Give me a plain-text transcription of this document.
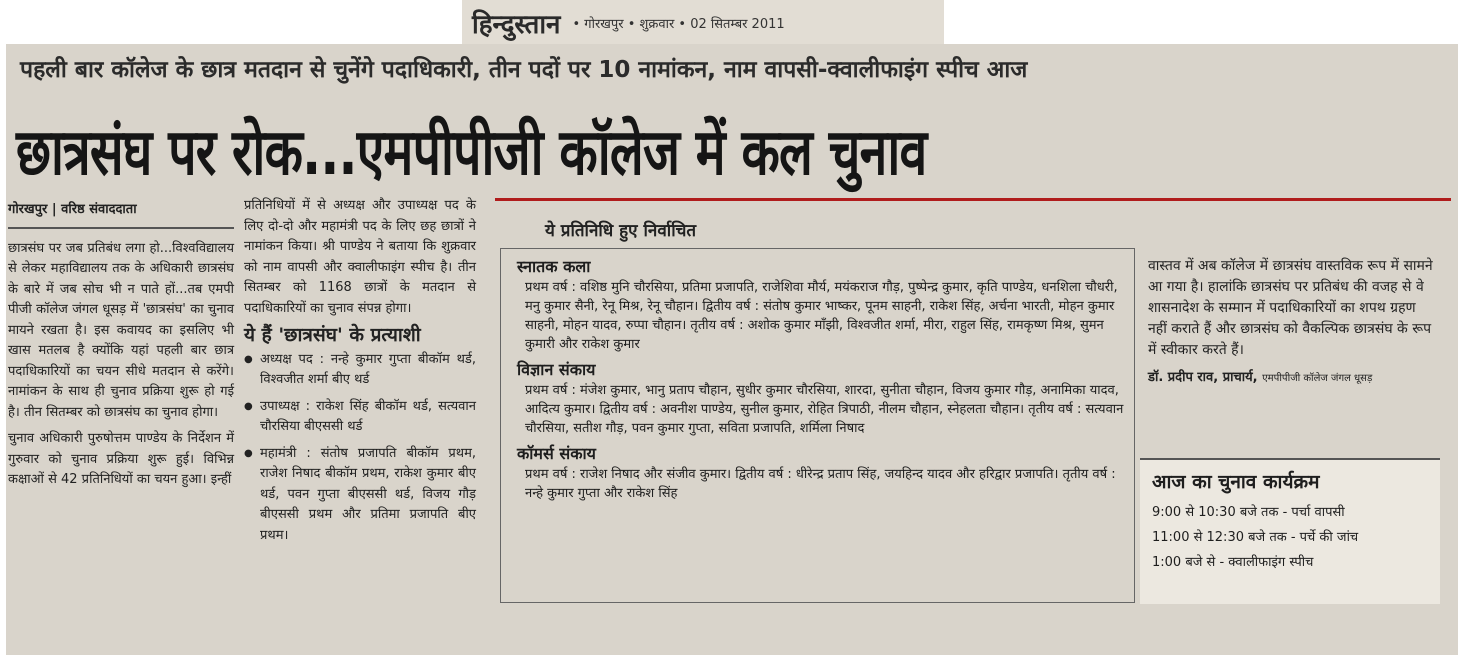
हिन्दुस्तान • गोरखपुर • शुक्रवार • 02 सितम्बर 2011
पहली बार कॉलेज के छात्र मतदान से चुनेंगे पदाधिकारी, तीन पदों पर 10 नामांकन, नाम वापसी-क्वालीफाइंग स्पीच आज
छात्रसंघ पर रोक...एमपीपीजी कॉलेज में कल चुनाव
गोरखपुर | वरिष्ठ संवाददाता

छात्रसंघ पर जब प्रतिबंध लगा हो...विश्वविद्यालय से लेकर महाविद्यालय तक के अधिकारी छात्रसंघ के बारे में जब सोच भी न पाते हों...तब एमपी पीजी कॉलेज जंगल धूसड़ में 'छात्रसंघ' का चुनाव मायने रखता है। इस कवायद का इसलिए भी खास मतलब है क्योंकि यहां पहली बार छात्र पदाधिकारियों का चयन सीधे मतदान से करेंगे। नामांकन के साथ ही चुनाव प्रक्रिया शुरू हो गई है। तीन सितम्बर को छात्रसंघ का चुनाव होगा।

चुनाव अधिकारी पुरुषोत्तम पाण्डेय के निर्देशन में गुरुवार को चुनाव प्रक्रिया शुरू हुई। विभिन्न कक्षाओं से 42 प्रतिनिधियों का चयन हुआ। इन्हीं

प्रतिनिधियों में से अध्यक्ष और उपाध्यक्ष पद के लिए दो-दो और महामंत्री पद के लिए छह छात्रों ने नामांकन किया। श्री पाण्डेय ने बताया कि शुक्रवार को नाम वापसी और क्वालीफाइंग स्पीच है। तीन सितम्बर को 1168 छात्रों के मतदान से पदाधिकारियों का चुनाव संपन्न होगा।

ये हैं 'छात्रसंघ' के प्रत्याशी
● अध्यक्ष पद : नन्हे कुमार गुप्ता बीकॉम थर्ड, विश्वजीत शर्मा बीए थर्ड
● उपाध्यक्ष : राकेश सिंह बीकॉम थर्ड, सत्यवान चौरसिया बीएससी थर्ड
● महामंत्री : संतोष प्रजापति बीकॉम प्रथम, राजेश निषाद बीकॉम प्रथम, राकेश कुमार बीए थर्ड, पवन गुप्ता बीएससी थर्ड, विजय गौड़ बीएससी प्रथम और प्रतिमा प्रजापति बीए प्रथम।
ये प्रतिनिधि हुए निर्वाचित
स्नातक कला
प्रथम वर्ष : वशिष्ठ मुनि चौरसिया, प्रतिमा प्रजापति, राजेशिवा मौर्य, मयंकराज गौड़, पुष्पेन्द्र कुमार, कृति पाण्डेय, धनशिला चौधरी, मनु कुमार सैनी, रेनू मिश्र, रेनू चौहान। द्वितीय वर्ष : संतोष कुमार भाष्कर, पूनम साहनी, राकेश सिंह, अर्चना भारती, मोहन कुमार साहनी, मोहन यादव, रुप्पा चौहान। तृतीय वर्ष : अशोक कुमार मॉंझी, विश्वजीत शर्मा, मीरा, राहुल सिंह, रामकृष्ण मिश्र, सुमन कुमारी और राकेश कुमार
विज्ञान संकाय
प्रथम वर्ष : मंजेश कुमार, भानु प्रताप चौहान, सुधीर कुमार चौरसिया, शारदा, सुनीता चौहान, विजय कुमार गौड़, अनामिका यादव, आदित्य कुमार। द्वितीय वर्ष : अवनीश पाण्डेय, सुनील कुमार, रोहित त्रिपाठी, नीलम चौहान, स्नेहलता चौहान। तृतीय वर्ष : सत्यवान चौरसिया, सतीश गौड़, पवन कुमार गुप्ता, सविता प्रजापति, शर्मिला निषाद
कॉमर्स संकाय
प्रथम वर्ष : राजेश निषाद और संजीव कुमार। द्वितीय वर्ष : धीरेन्द्र प्रताप सिंह, जयहिन्द यादव और हरिद्वार प्रजापति। तृतीय वर्ष : नन्हे कुमार गुप्ता और राकेश सिंह
वास्तव में अब कॉलेज में छात्रसंघ वास्तविक रूप में सामने आ गया है। हालांकि छात्रसंघ पर प्रतिबंध की वजह से वे शासनादेश के सम्मान में पदाधिकारियों का शपथ ग्रहण नहीं कराते हैं और छात्रसंघ को वैकल्पिक छात्रसंघ के रूप में स्वीकार करते हैं।
डॉ. प्रदीप राव, प्राचार्य, एमपीपीजी कॉलेज जंगल धूसड़
आज का चुनाव कार्यक्रम
9:00 से 10:30 बजे तक - पर्चा वापसी
11:00 से 12:30 बजे तक - पर्चे की जांच
1:00 बजे से - क्वालीफाइंग स्पीच
